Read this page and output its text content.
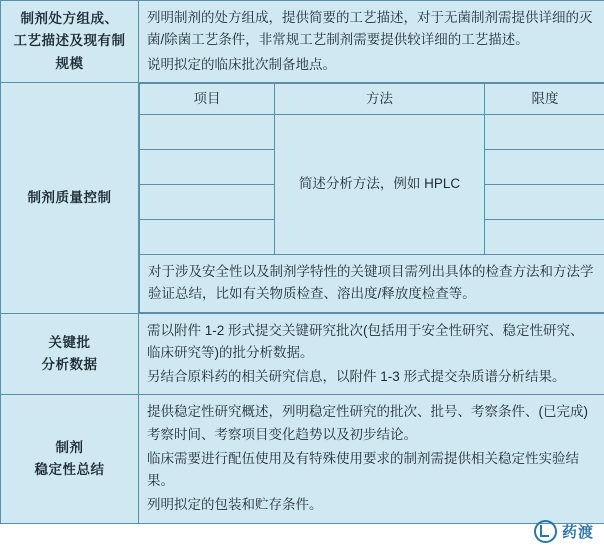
制剂处方组成、
工艺描述及现有制
规模

列明制剂的处方组成，提供简要的工艺描述，对于无菌制剂需提供详细的灭菌/除菌工艺条件，非常规工艺制剂需要提供较详细的工艺描述。

说明拟定的临床批次制备地点。

制剂质量控制

项目	方法	限度
	简述分析方法，例如 HPLC	

对于涉及安全性以及制剂学特性的关键项目需列出具体的检查方法和方法学验证总结，比如有关物质检查、溶出度/释放度检查等。

关键批
分析数据

需以附件 1-2 形式提交关键研究批次(包括用于安全性研究、稳定性研究、临床研究等)的批分析数据。

另结合原料药的相关研究信息，以附件 1-3 形式提交杂质谱分析结果。

制剂
稳定性总结

提供稳定性研究概述，列明稳定性研究的批次、批号、考察条件、(已完成)考察时间、考察项目变化趋势以及初步结论。

临床需要进行配伍使用及有特殊使用要求的制剂需提供相关稳定性实验结果。

列明拟定的包装和贮存条件。

药渡
